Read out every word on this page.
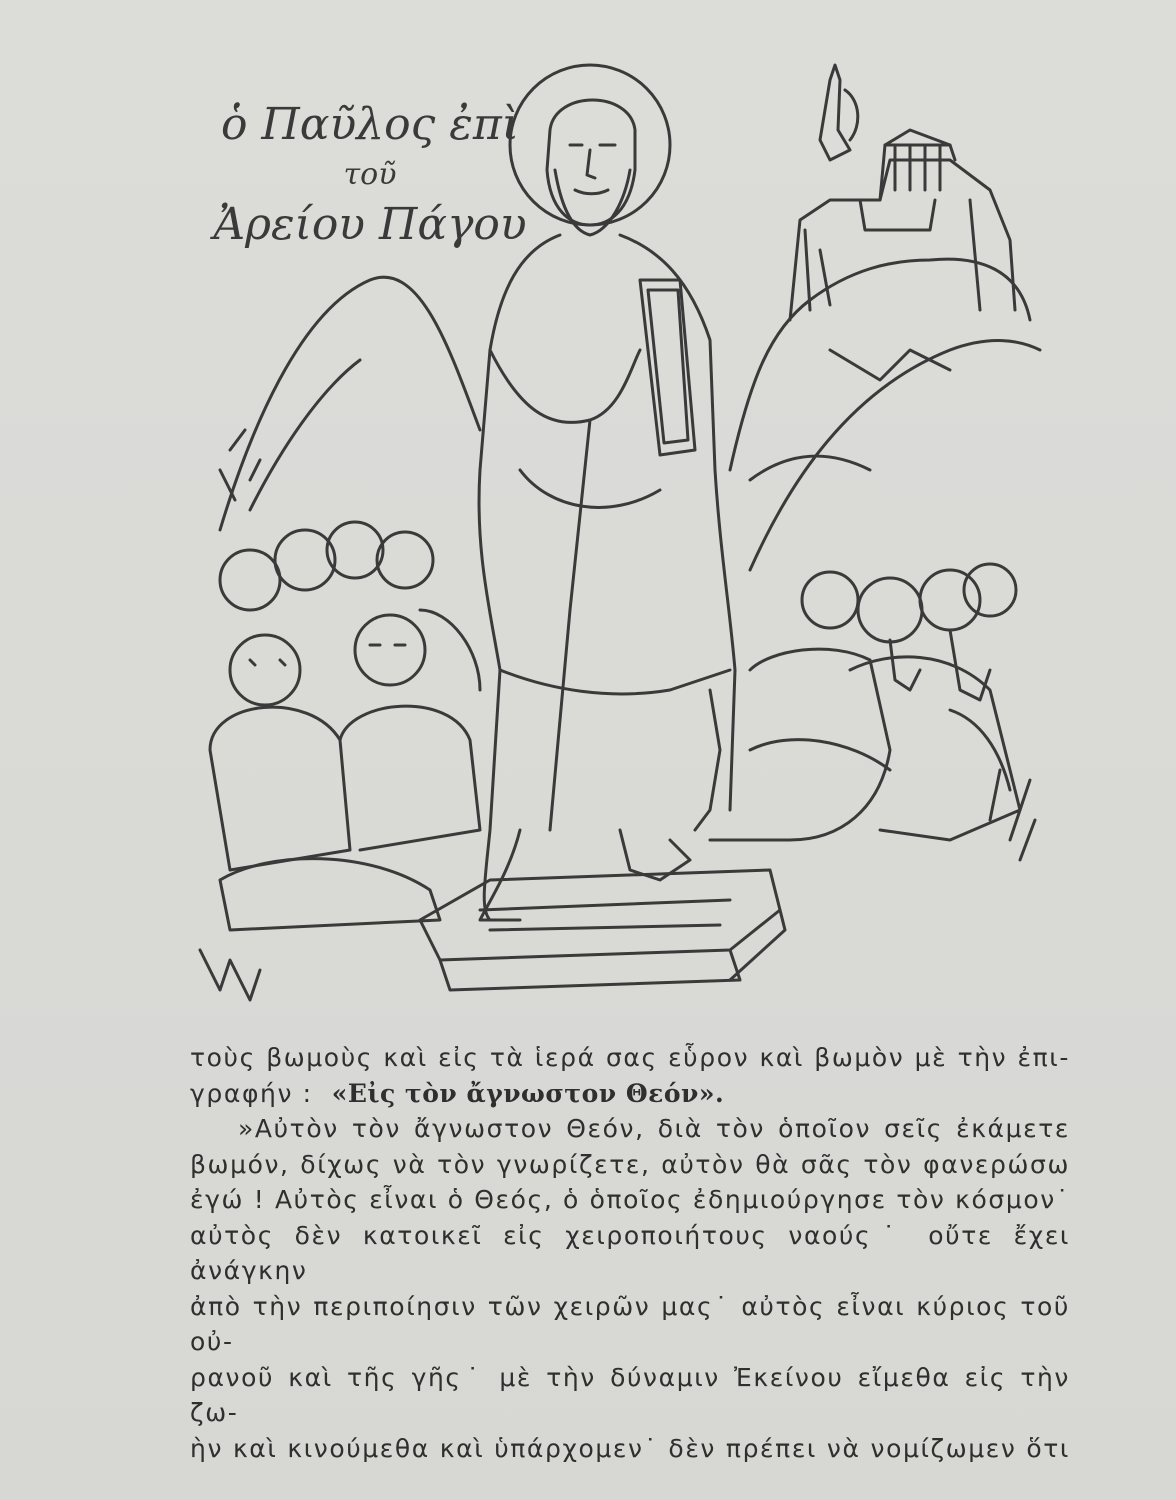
ὁ Παῦλος ἐπὶ
τοῦ
Ἀρείου Πάγου

τοὺς βωμοὺς καὶ εἰς τὰ ἱερά σας εὗρον καὶ βωμὸν μὲ τὴν ἐπι-

γραφήν : «Εἰς τὸν ἄγνωστον Θεόν».

»Αὐτὸν τὸν ἄγνωστον Θεόν, διὰ τὸν ὁποῖον σεῖς ἐκάμετε

βωμόν, δίχως νὰ τὸν γνωρίζετε, αὐτὸν θὰ σᾶς τὸν φανερώσω

ἐγώ ! Αὐτὸς εἶναι ὁ Θεός, ὁ ὁποῖος ἐδημιούργησε τὸν κόσμον˙

αὐτὸς δὲν κατοικεῖ εἰς χειροποιήτους ναούς˙ οὔτε ἔχει ἀνάγκην

ἀπὸ τὴν περιποίησιν τῶν χειρῶν μας˙ αὐτὸς εἶναι κύριος τοῦ οὐ-

ρανοῦ καὶ τῆς γῆς˙ μὲ τὴν δύναμιν Ἐκείνου εἴμεθα εἰς τὴν ζω-

ὴν καὶ κινούμεθα καὶ ὑπάρχομεν˙ δὲν πρέπει νὰ νομίζωμεν ὅτι
